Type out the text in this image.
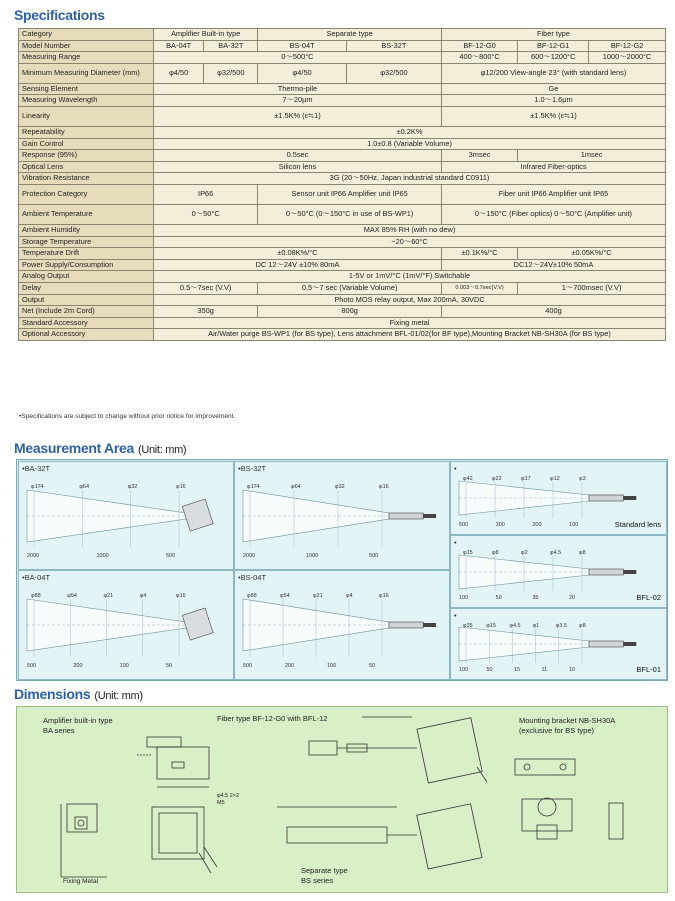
Specifications
Category	Amplifier Built-in type		Separate type		Fiber type		
Model Number	BA-04T	BA-32T	BS-04T	BS-32T	BF-12-G0	BF-12-G1	BF-12-G2
Measuring Range	0～500°C				400～800°C	600～1200°C	1000～2000°C
Minimum Measuring Diameter (mm)	φ4/50	φ32/500	φ4/50	φ32/500	φ12/200 View-angle 23° (with standard lens)		
Sensing Element	Thermo-pile				Ge		
Measuring Wavelength	7～20μm				1.0～1.6μm		
Linearity	±1.5K% (ε≒1)				±1.5K% (ε≒1)		
Repeatability	±0.2K%						
Gain Control	1.0±0.8 (Variable Volume)						
Response (95%)	0.5sec				3msec	1msec	
Optical Lens	Silicon lens				Infrared Fiber-optics		
Vibration Resistance	3G (20～50Hz, Japan industrial standard C0911)						
Protection Category	IP66		Sensor unit IP66 Amplifier unit IP65		Fiber unit IP66 Amplifier unit IP65		
Ambient Temperature	0～50°C		0～50°C (0～150°C in use of BS-WP1)		0～150°C (Fiber optics) 0～50°C (Amplifier unit)		
Ambient Humidity	MAX 85% RH (with no dew)						
Storage Temperature	−20～60°C						
Temperature Drift	±0.08K%/°C				±0.1K%/°C	±0.05K%/°C	
Power Supply/Consumption	DC 12～24V ±10% 80mA				DC12～24V±10% 50mA		
Analog Output	1-5V or 1mV/°C (1mV/°F) Switchable						
Delay	0.5～7sec (V.V)		0.5～7 sec (Variable Volume)		0.003～0.7sec(V.V)	1～700msec (V.V)	
Output	Photo MOS relay output, Max 200mA, 30VDC						
Net (Include 2m Cord)	350g		800g		400g		
Standard Accessory	Fixing metal						
Optional Accessory	Air/Water purge BS-WP1 (for BS type), Lens attachment BFL-01/02(for BF type),Mounting Bracket NB-SH30A (for BS type)						
•Specifications are subject to change without prior notice for improvement.
Measurement Area (Unit: mm)
φ174	φ64	φ32	φ16
2000	1000	500
•BA-32T
φ174	φ64	φ32	φ16
2000	1000	500
•BS-32T
φ88	φ54	φ21	φ4	φ16
500	200	100	50
•BA-04T
φ88	φ54	φ21	φ4	φ16
500	200	100	50
•BS-04T
φ42	φ22	φ17	φ12	φ3
500	300	200	100
•
Standard lens
φ15	φ8	φ2	φ4.5	φ8
100	50	35	20
•
BFL-02
φ35 φ15 φ4.5 φ1	φ3.5 φ8
100	50	15	11	10
•
BFL-01
Dimensions (Unit: mm)
Amplifier built-in type
BA series
Fiber type BF-12-G0 with BFL-12	Mounting bracket NB-SH30A
(exclusive for BS type)
Separate type
BS series
Fixing Metal
φ4.5 2×2 M5
